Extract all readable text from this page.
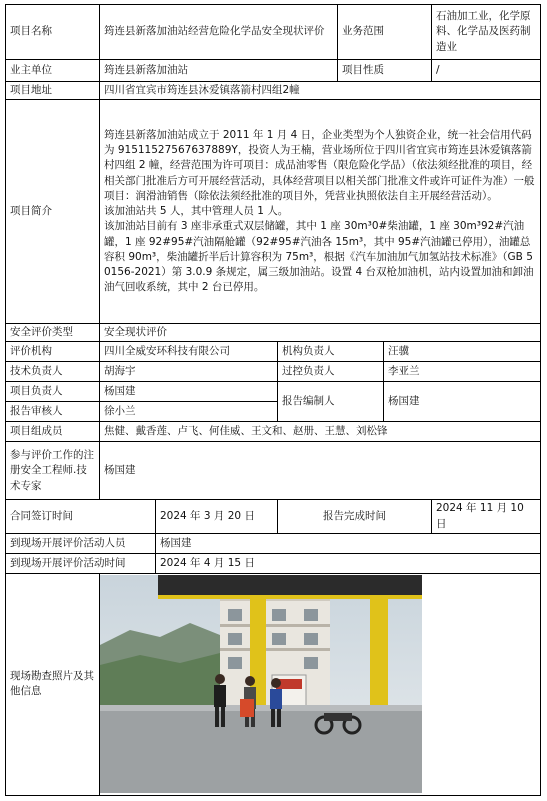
项目名称	筠连县新落加油站经营危险化学品安全现状评价			业务范围		石油加工业，化学原料、化学品及医药制造业
业主单位	筠连县新落加油站			项目性质		/
项目地址	四川省宜宾市筠连县沐爱镇落箭村四组2幢					
项目简介	筠连县新落加油站成立于 2011 年 1 月 4 日，企业类型为个人独资企业，统一社会信用代码为 91511527567637889Y，投资人为王楠，营业场所位于四川省宜宾市筠连县沐爱镇落箭村四组 2 幢，经营范围为许可项目：成品油零售（限危险化学品）（依法须经批准的项目，经相关部门批准后方可开展经营活动，具体经营项目以相关部门批准文件或许可证件为准）一般项目：润滑油销售（除依法须经批准的项目外，凭营业执照依法自主开展经营活动）。

该加油站共 5 人，其中管理人员 1 人。

该加油站目前有 3 座非承重式双层储罐，其中 1 座 30m³0#柴油罐，1 座 30m³92#汽油罐，1 座 92#95#汽油隔舱罐（92#95#汽油各 15m³，其中 95#汽油罐已停用），油罐总容积 90m³，柴油罐折半后计算容积为 75m³，根据《汽车加油加气加氢站技术标准》（GB 50156-2021）第 3.0.9 条规定，属三级加油站。设置 4 台双枪加油机，站内设置加油和卸油油气回收系统，其中 2 台已停用。					

安全评价类型	安全现状评价					
评价机构	四川全威安环科技有限公司		机构负责人		汪骥	
技术负责人	胡海宇		过控负责人		李亚兰	
项目负责人	杨国建		报告编制人		杨国建	
报告审核人	徐小兰					
项目组成员	焦健、戴香莲、卢飞、何佳威、王文和、赵册、王慧、刘松锋					
参与评价工作的注册安全工程师.技术专家	杨国建					
合同签订时间		2024 年 3 月 20 日	报告完成时间			2024 年 11 月 10 日
到现场开展评价活动人员		杨国建				
到现场开展评价活动时间		2024 年 4 月 15 日				
现场勘查照片及其他信息	
